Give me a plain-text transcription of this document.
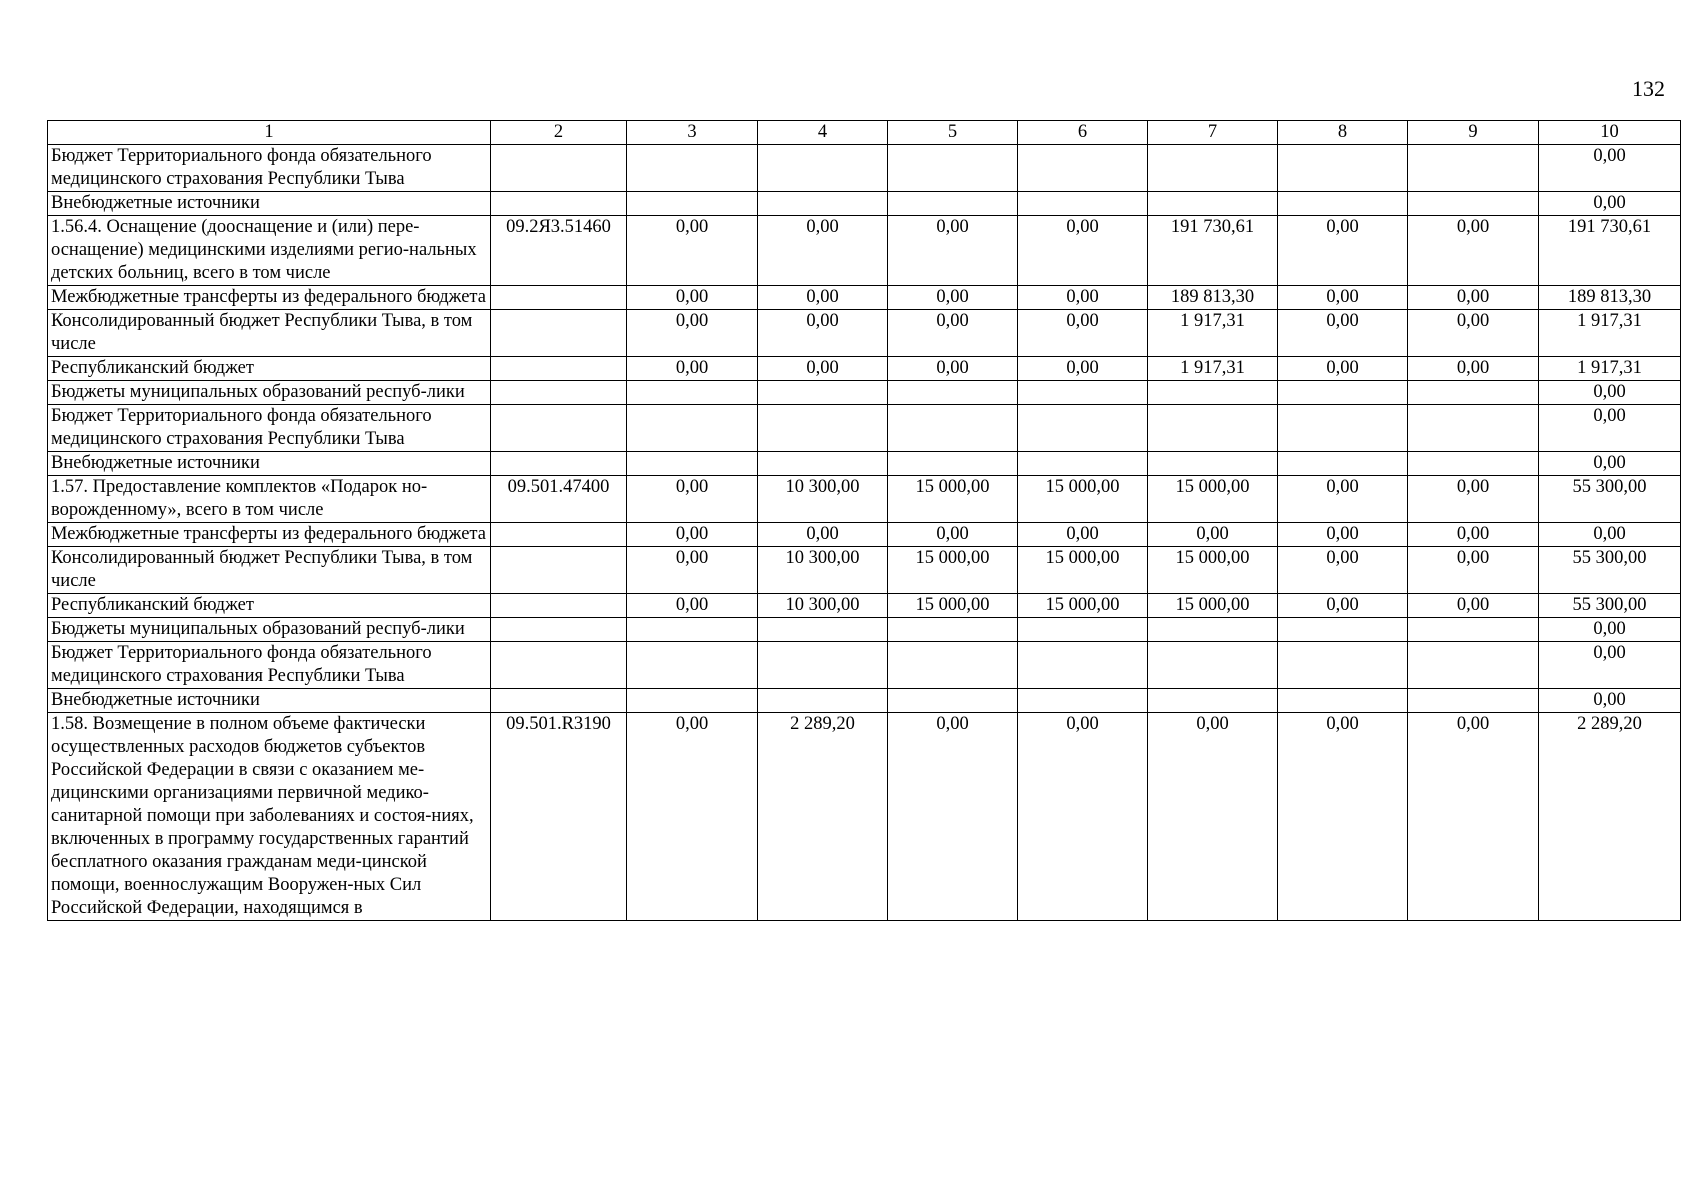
132
1	2	3	4	5	6	7	8	9	10
Бюджет Территориального фонда обязательного медицинского страхования Республики Тыва									0,00
Внебюджетные источники									0,00
1.56.4. Оснащение (дооснащение и (или) пере-оснащение) медицинскими изделиями регио-нальных детских больниц, всего в том числе	09.2Я3.51460	0,00	0,00	0,00	0,00	191 730,61	0,00	0,00	191 730,61
Межбюджетные трансферты из федерального бюджета		0,00	0,00	0,00	0,00	189 813,30	0,00	0,00	189 813,30
Консолидированный бюджет Республики Тыва, в том числе		0,00	0,00	0,00	0,00	1 917,31	0,00	0,00	1 917,31
Республиканский бюджет		0,00	0,00	0,00	0,00	1 917,31	0,00	0,00	1 917,31
Бюджеты муниципальных образований респуб-лики									0,00
Бюджет Территориального фонда обязательного медицинского страхования Республики Тыва									0,00
Внебюджетные источники									0,00
1.57. Предоставление комплектов «Подарок но-ворожденному», всего в том числе	09.501.47400	0,00	10 300,00	15 000,00	15 000,00	15 000,00	0,00	0,00	55 300,00
Межбюджетные трансферты из федерального бюджета		0,00	0,00	0,00	0,00	0,00	0,00	0,00	0,00
Консолидированный бюджет Республики Тыва, в том числе		0,00	10 300,00	15 000,00	15 000,00	15 000,00	0,00	0,00	55 300,00
Республиканский бюджет		0,00	10 300,00	15 000,00	15 000,00	15 000,00	0,00	0,00	55 300,00
Бюджеты муниципальных образований респуб-лики									0,00
Бюджет Территориального фонда обязательного медицинского страхования Республики Тыва									0,00
Внебюджетные источники									0,00
1.58. Возмещение в полном объеме фактически осуществленных расходов бюджетов субъектов Российской Федерации в связи с оказанием ме-дицинскими организациями первичной медико-санитарной помощи при заболеваниях и состоя-ниях, включенных в программу государственных гарантий бесплатного оказания гражданам меди-цинской помощи, военнослужащим Вооружен-ных Сил Российской Федерации, находящимся в	09.501.R3190	0,00	2 289,20	0,00	0,00	0,00	0,00	0,00	2 289,20
